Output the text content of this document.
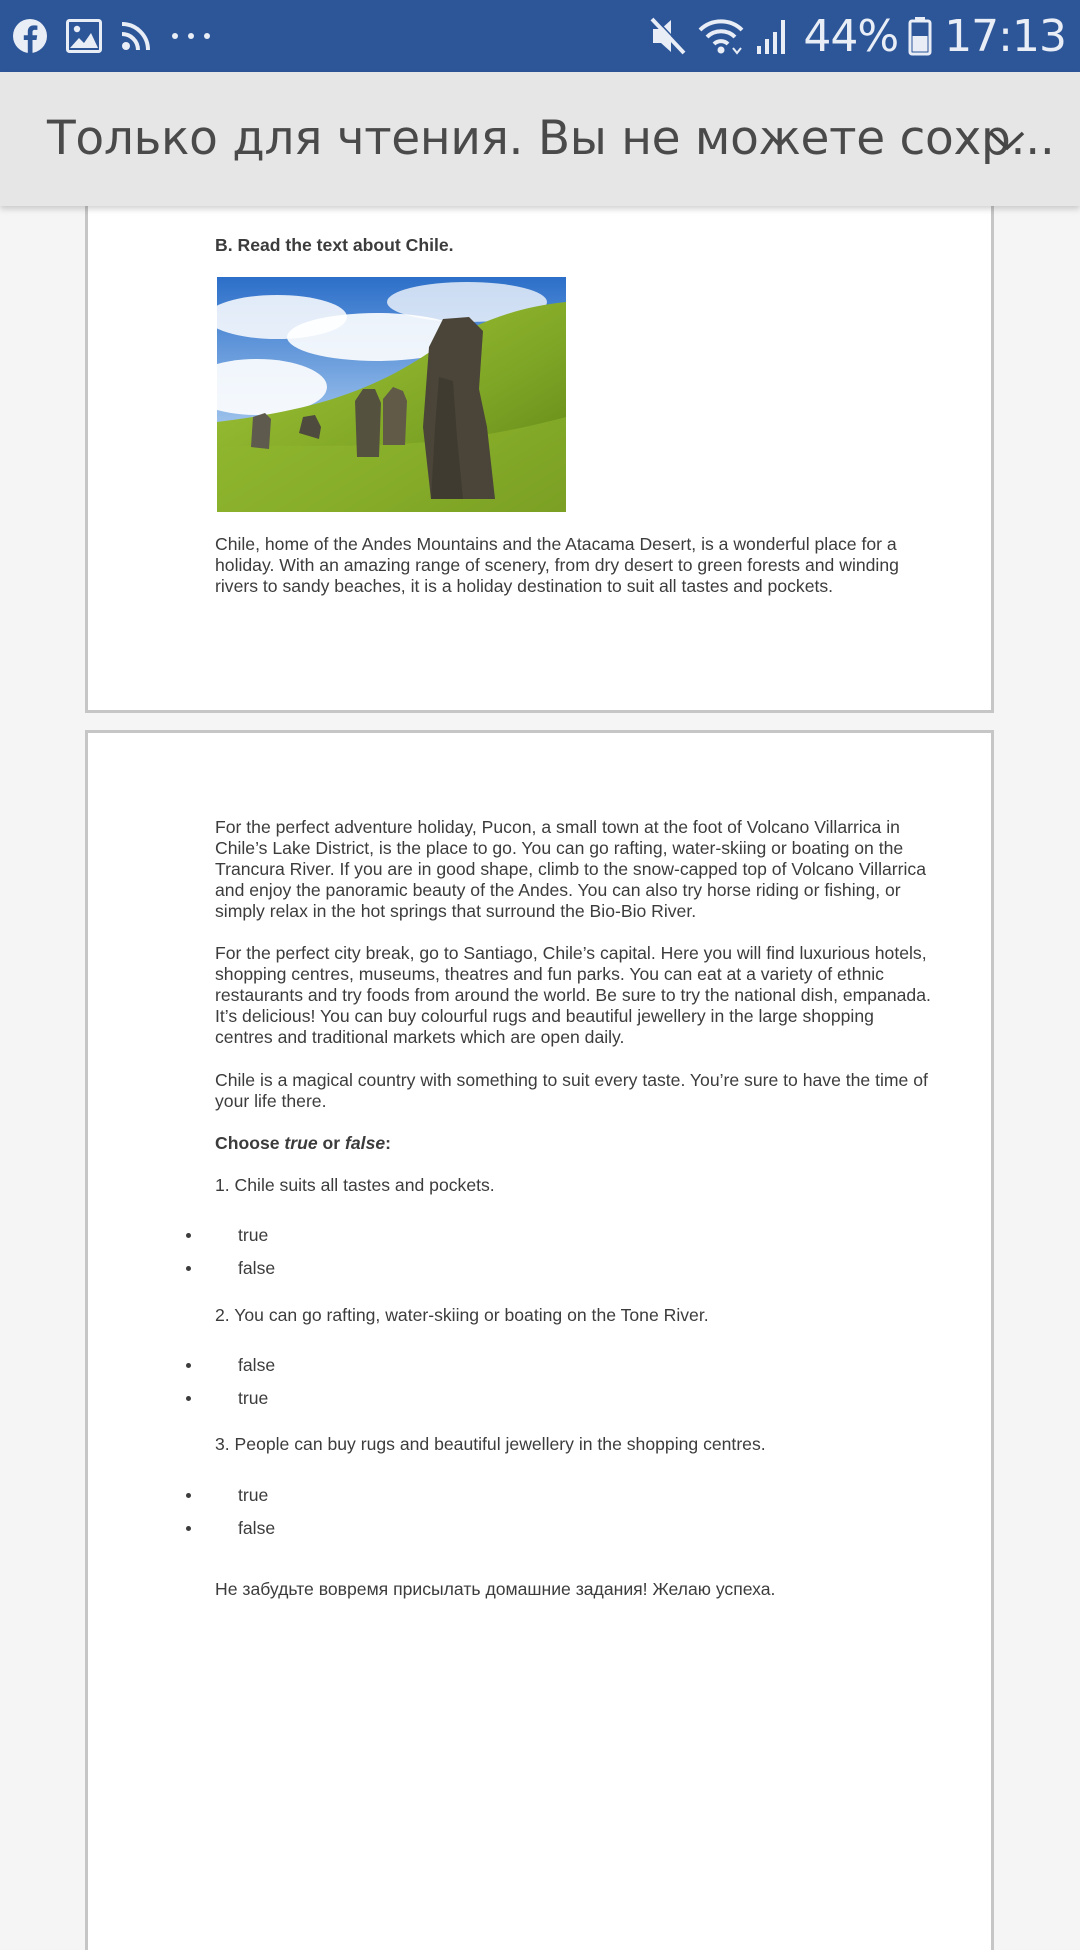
44% 17:13
Только для чтения. Вы не можете сохр...
B. Read the text about Chile.
Chile, home of the Andes Mountains and the Atacama Desert, is a wonderful place for a holiday. With an amazing range of scenery, from dry desert to green forests and winding rivers to sandy beaches, it is a holiday destination to suit all tastes and pockets.
For the perfect adventure holiday, Pucon, a small town at the foot of Volcano Villarrica in Chile’s Lake District, is the place to go. You can go rafting, water-skiing or boating on the Trancura River. If you are in good shape, climb to the snow-capped top of Volcano Villarrica and enjoy the panoramic beauty of the Andes. You can also try horse riding or fishing, or simply relax in the hot springs that surround the Bio-Bio River.
For the perfect city break, go to Santiago, Chile’s capital. Here you will find luxurious hotels, shopping centres, museums, theatres and fun parks. You can eat at a variety of ethnic restaurants and try foods from around the world. Be sure to try the national dish, empanada. It’s delicious! You can buy colourful rugs and beautiful jewellery in the large shopping centres and traditional markets which are open daily.
Chile is a magical country with something to suit every taste. You’re sure to have the time of your life there.
Choose true or false:
1. Chile suits all tastes and pockets.
true
false
2. You can go rafting, water-skiing or boating on the Tone River.
false
true
3. People can buy rugs and beautiful jewellery in the shopping centres.
true
false
Не забудьте вовремя присылать домашние задания! Желаю успеха.
